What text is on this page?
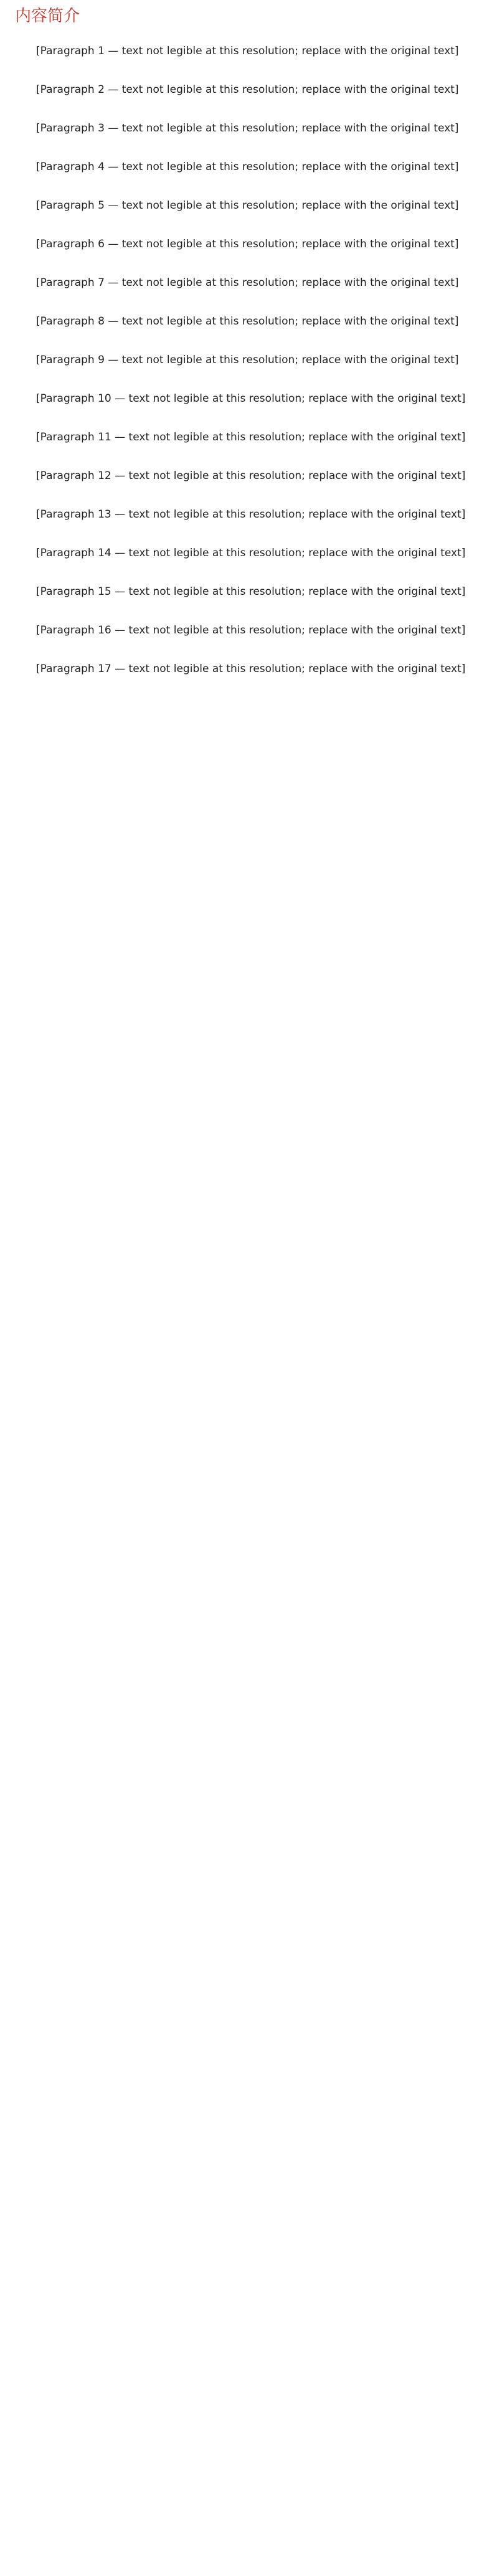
内容简介

[Paragraph 1 — text not legible at this resolution; replace with the original text]

[Paragraph 2 — text not legible at this resolution; replace with the original text]

[Paragraph 3 — text not legible at this resolution; replace with the original text]

[Paragraph 4 — text not legible at this resolution; replace with the original text]

[Paragraph 5 — text not legible at this resolution; replace with the original text]

[Paragraph 6 — text not legible at this resolution; replace with the original text]

[Paragraph 7 — text not legible at this resolution; replace with the original text]

[Paragraph 8 — text not legible at this resolution; replace with the original text]

[Paragraph 9 — text not legible at this resolution; replace with the original text]

[Paragraph 10 — text not legible at this resolution; replace with the original text]

[Paragraph 11 — text not legible at this resolution; replace with the original text]

[Paragraph 12 — text not legible at this resolution; replace with the original text]

[Paragraph 13 — text not legible at this resolution; replace with the original text]

[Paragraph 14 — text not legible at this resolution; replace with the original text]

[Paragraph 15 — text not legible at this resolution; replace with the original text]

[Paragraph 16 — text not legible at this resolution; replace with the original text]

[Paragraph 17 — text not legible at this resolution; replace with the original text]
